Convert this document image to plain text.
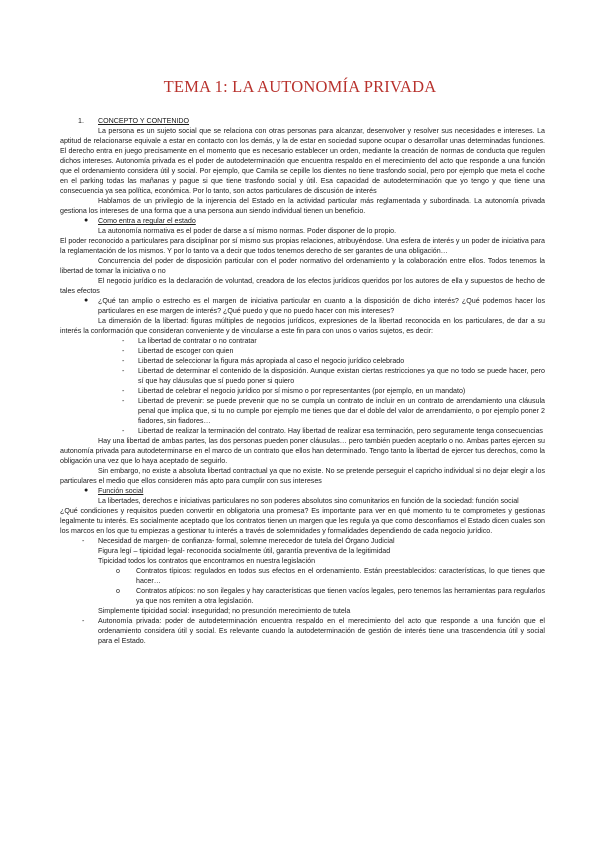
TEMA 1: LA AUTONOMÍA PRIVADA

1. CONCEPTO Y CONTENIDO

La persona es un sujeto social que se relaciona con otras personas para alcanzar, desenvolver y resolver sus necesidades e intereses. La aptitud de relacionarse equivale a estar en contacto con los demás, y la de estar en sociedad supone ocupar o desarrollar unas determinadas funciones. El derecho entra en juego precisamente en el momento que es necesario establecer un orden, mediante la creación de normas de conducta que regulen dichos intereses. Autonomía privada es el poder de autodeterminación que encuentra respaldo en el merecimiento del acto que responde a una función que el ordenamiento considera útil y social. Por ejemplo, que Camila se cepille los dientes no tiene trasfondo social, pero por ejemplo que meta el coche en el parking todas las mañanas y pague si que tiene trasfondo social y útil. Esa capacidad de autodeterminación que yo tengo y que tiene una consecuencia ya sea política, económica. Por lo tanto, son actos particulares de discusión de interés

Hablamos de un privilegio de la injerencia del Estado en la actividad particular más reglamentada y subordinada. La autonomía privada gestiona los intereses de una forma que a una persona aun siendo individual tienen un beneficio.

● Como entra a regular el estado

La autonomía normativa es el poder de darse a sí mismo normas. Poder disponer de lo propio.

El poder reconocido a particulares para disciplinar por sí mismo sus propias relaciones, atribuyéndose. Una esfera de interés y un poder de iniciativa para la reglamentación de los mismos. Y por lo tanto va a decir que todos tenemos derecho de ser garantes de una obligación…

Concurrencia del poder de disposición particular con el poder normativo del ordenamiento y la colaboración entre ellos. Todos tenemos la libertad de tomar la iniciativa o no

El negocio jurídico es la declaración de voluntad, creadora de los efectos jurídicos queridos por los autores de ella y supuestos de hecho de tales efectos

● ¿Qué tan amplio o estrecho es el margen de iniciativa particular en cuanto a la disposición de dicho interés? ¿Qué podemos hacer los particulares en ese margen de interés? ¿Qué puedo y que no puedo hacer con mis intereses?

La dimensión de la libertad: figuras múltiples de negocios jurídicos, expresiones de la libertad reconocida en los particulares, de dar a su interés la conformación que consideran conveniente y de vincularse a este fin para con unos o varios sujetos, es decir:

- La libertad de contratar o no contratar

- Libertad de escoger con quien

- Libertad de seleccionar la figura más apropiada al caso el negocio jurídico celebrado

- Libertad de determinar el contenido de la disposición. Aunque existan ciertas restricciones ya que no todo se puede hacer, pero sí que hay cláusulas que sí puedo poner si quiero

- Libertad de celebrar el negocio jurídico por sí mismo o por representantes (por ejemplo, en un mandato)

- Libertad de prevenir: se puede prevenir que no se cumpla un contrato de incluir en un contrato de arrendamiento una cláusula penal que implica que, si tu no cumple por ejemplo me tienes que dar el doble del valor de arrendamiento, o por ejemplo poner 2 fiadores, sin fiadores…

- Libertad de realizar la terminación del contrato. Hay libertad de realizar esa terminación, pero seguramente tenga consecuencias

Hay una libertad de ambas partes, las dos personas pueden poner cláusulas… pero también pueden aceptarlo o no. Ambas partes ejercen su autonomía privada para autodeterminarse en el marco de un contrato que ellos han determinado. Tengo tanto la libertad de ejercer tus derechos, como la obligación una vez que lo haya aceptado de seguirlo.

Sin embargo, no existe a absoluta libertad contractual ya que no existe. No se pretende perseguir el capricho individual si no dejar elegir a los particulares el medio que ellos consideren más apto para cumplir con sus intereses

● Función social

La libertades, derechos e iniciativas particulares no son poderes absolutos sino comunitarios en función de la sociedad: función social

¿Qué condiciones y requisitos pueden convertir en obligatoria una promesa? Es importante para ver en qué momento tu te comprometes y gestionas legalmente tu interés. Es socialmente aceptado que los contratos tienen un margen que les regula ya que como desconfiamos el Estado dicen cuales son los marcos en los que tu empiezas a gestionar tu interés a través de solemnidades y formalidades dependiendo de cada negocio jurídico.

- Necesidad de margen- de confianza- formal, solemne merecedor de tutela del Órgano Judicial

Figura legí – tipicidad legal- reconocida socialmente útil, garantía preventiva de la legitimidad

Tipicidad todos los contratos que encontramos en nuestra legislación

o Contratos típicos: regulados en todos sus efectos en el ordenamiento. Están preestablecidos: características, lo que tienes que hacer…

o Contratos atípicos: no son ilegales y hay características que tienen vacíos legales, pero tenemos las herramientas para regularlos ya que nos remiten a otra legislación.

Simplemente tipicidad social: inseguridad; no presunción merecimiento de tutela

- Autonomía privada: poder de autodeterminación encuentra respaldo en el merecimiento del acto que responde a una función que el ordenamiento considera útil y social. Es relevante cuando la autodeterminación de gestión de interés tiene una trascendencia útil y social para el Estado.
